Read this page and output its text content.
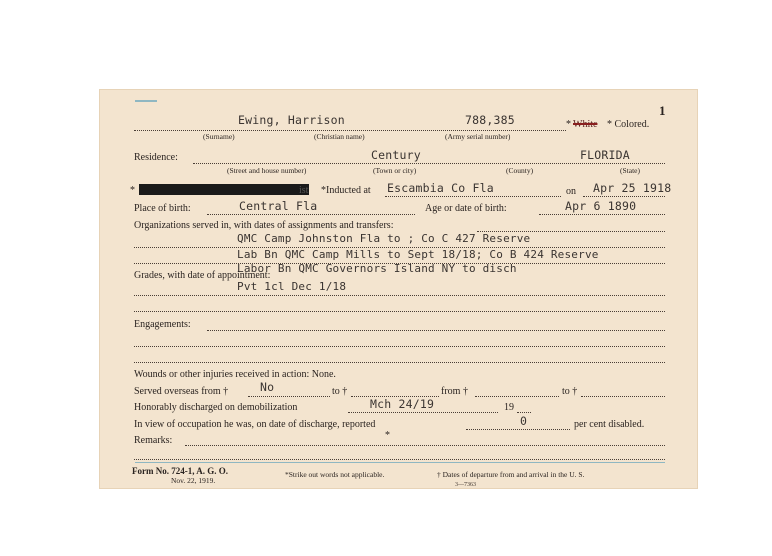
1
Ewing, Harrison	788,385	* White * Colored.
(Surname)	(Christian name)	(Army serial number)
Residence:	Century	FLORIDA
(Street and house number)	(Town or city)	(County)	(State)
*	ist *Inducted at Escambia Co Fla	on Apr 25 1918
Place of birth:	Central Fla	Age or date of birth:	Apr 6 1890
Organizations served in, with dates of assignments and transfers:
QMC Camp Johnston Fla to ; Co C 427 Reserve
Lab Bn QMC Camp Mills to Sept 18/18; Co B 424 Reserve
Labor Bn QMC Governors Island NY to disch
Grades, with date of appointment:
Pvt 1cl Dec 1/18
Engagements:
Wounds or other injuries received in action: None.
Served overseas from †	No	to †	from †	to †
Honorably discharged on demobilization	Mch 24/19	19
In view of occupation he was, on date of discharge, reported	0	per cent disabled.
Remarks:	*
Form No. 724-1, A. G. O.
Nov. 22, 1919.
*Strike out words not applicable.	† Dates of departure from and arrival in the U. S.
3—7363
